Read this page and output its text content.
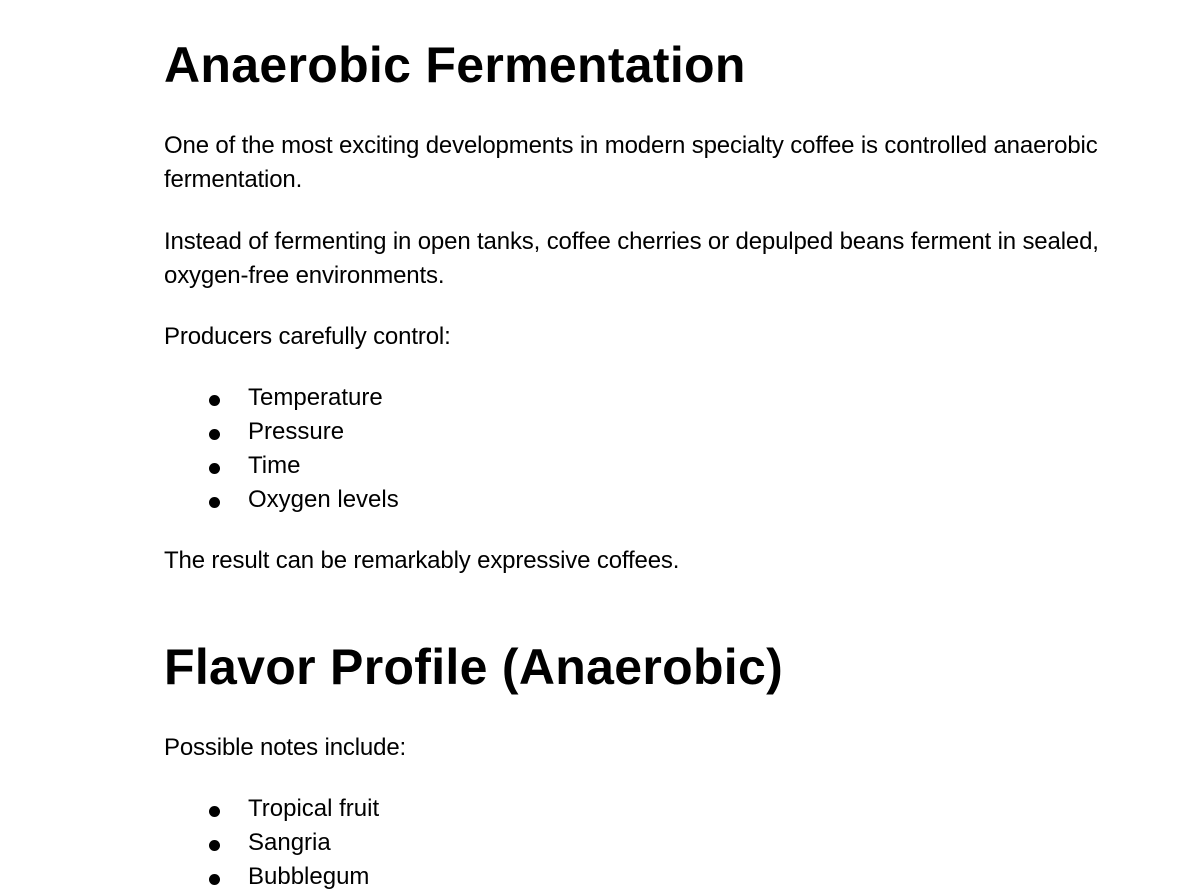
Anaerobic Fermentation

One of the most exciting developments in modern specialty coffee is controlled anaerobic fermentation.

Instead of fermenting in open tanks, coffee cherries or depulped beans ferment in sealed, oxygen-free environments.

Producers carefully control:

Temperature
Pressure
Time
Oxygen levels

The result can be remarkably expressive coffees.

Flavor Profile (Anaerobic)

Possible notes include:

Tropical fruit
Sangria
Bubblegum
